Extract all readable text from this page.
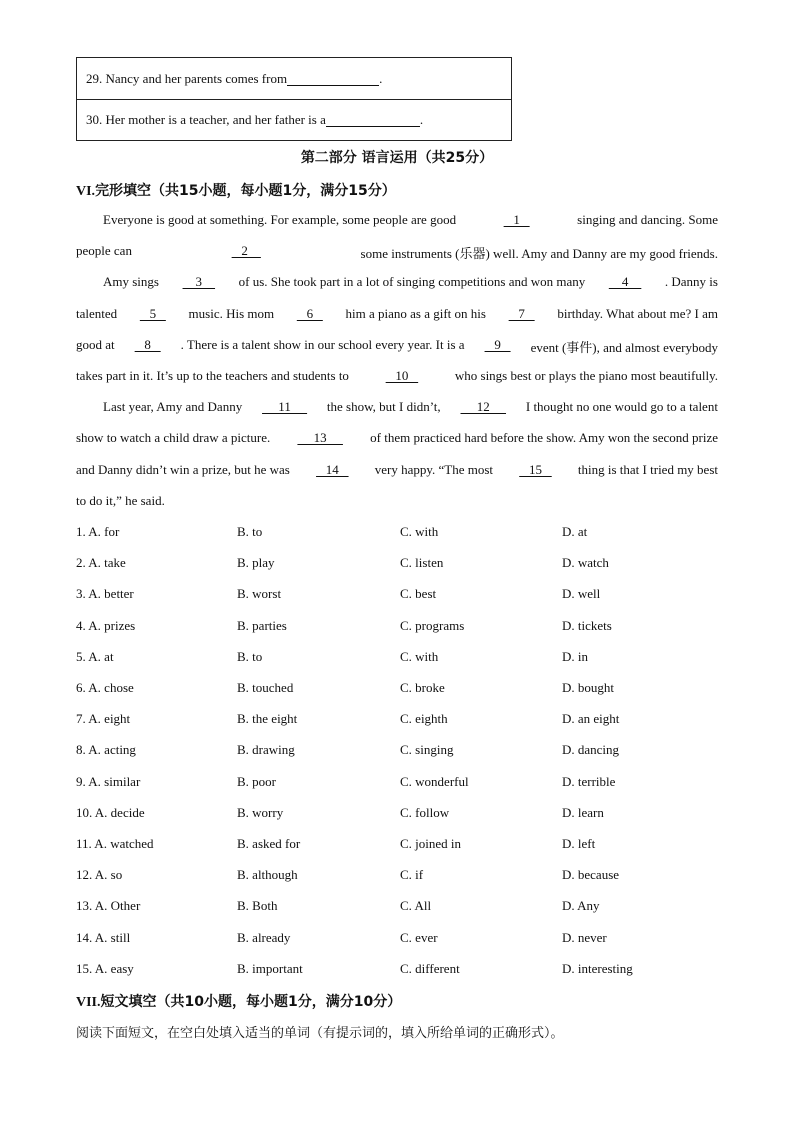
29. Nancy and her parents comes from	.
30. Her mother is a teacher, and her father is a	.
第二部分 语言运用（共25分）
VI.完形填空（共15小题，每小题1分，满分15分）
Everyone is good at something. For example, some people are good	1	singing and dancing. Some
people can	2	some instruments (乐器) well. Amy and Danny are my good friends.
Amy sings 3 of us. She took part in a lot of singing competitions and won many 4 . Danny is
talented 5 music. His mom 6 him a piano as a gift on his 7 birthday. What about me? I am
good at 8 . There is a talent show in our school every year. It is a 9 event (事件), and almost everybody
takes part in it. It’s up to the teachers and students to	10	who sings best or plays the piano most beautifully.
Last year, Amy and Danny 11 the show, but I didn’t, 12 I thought no one would go to a talent
show to watch a child draw a picture. 13 of them practiced hard before the show. Amy won the second prize
and Danny didn’t win a prize, but he was 14 very happy. “The most 15 thing is that I tried my best
to do it,” he said.
1. A. for	B. to	C. with	D. at
2. A. take	B. play	C. listen	D. watch
3. A. better	B. worst	C. best	D. well
4. A. prizes	B. parties	C. programs	D. tickets
5. A. at	B. to	C. with	D. in
6. A. chose	B. touched	C. broke	D. bought
7. A. eight	B. the eight	C. eighth	D. an eight
8. A. acting	B. drawing	C. singing	D. dancing
9. A. similar	B. poor	C. wonderful	D. terrible
10. A. decide	B. worry	C. follow	D. learn
11. A. watched	B. asked for	C. joined in	D. left
12. A. so	B. although	C. if	D. because
13. A. Other	B. Both	C. All	D. Any
14. A. still	B. already	C. ever	D. never
15. A. easy	B. important	C. different	D. interesting
VII.短文填空（共10小题，每小题1分，满分10分）
阅读下面短文，在空白处填入适当的单词（有提示词的，填入所给单词的正确形式）。
